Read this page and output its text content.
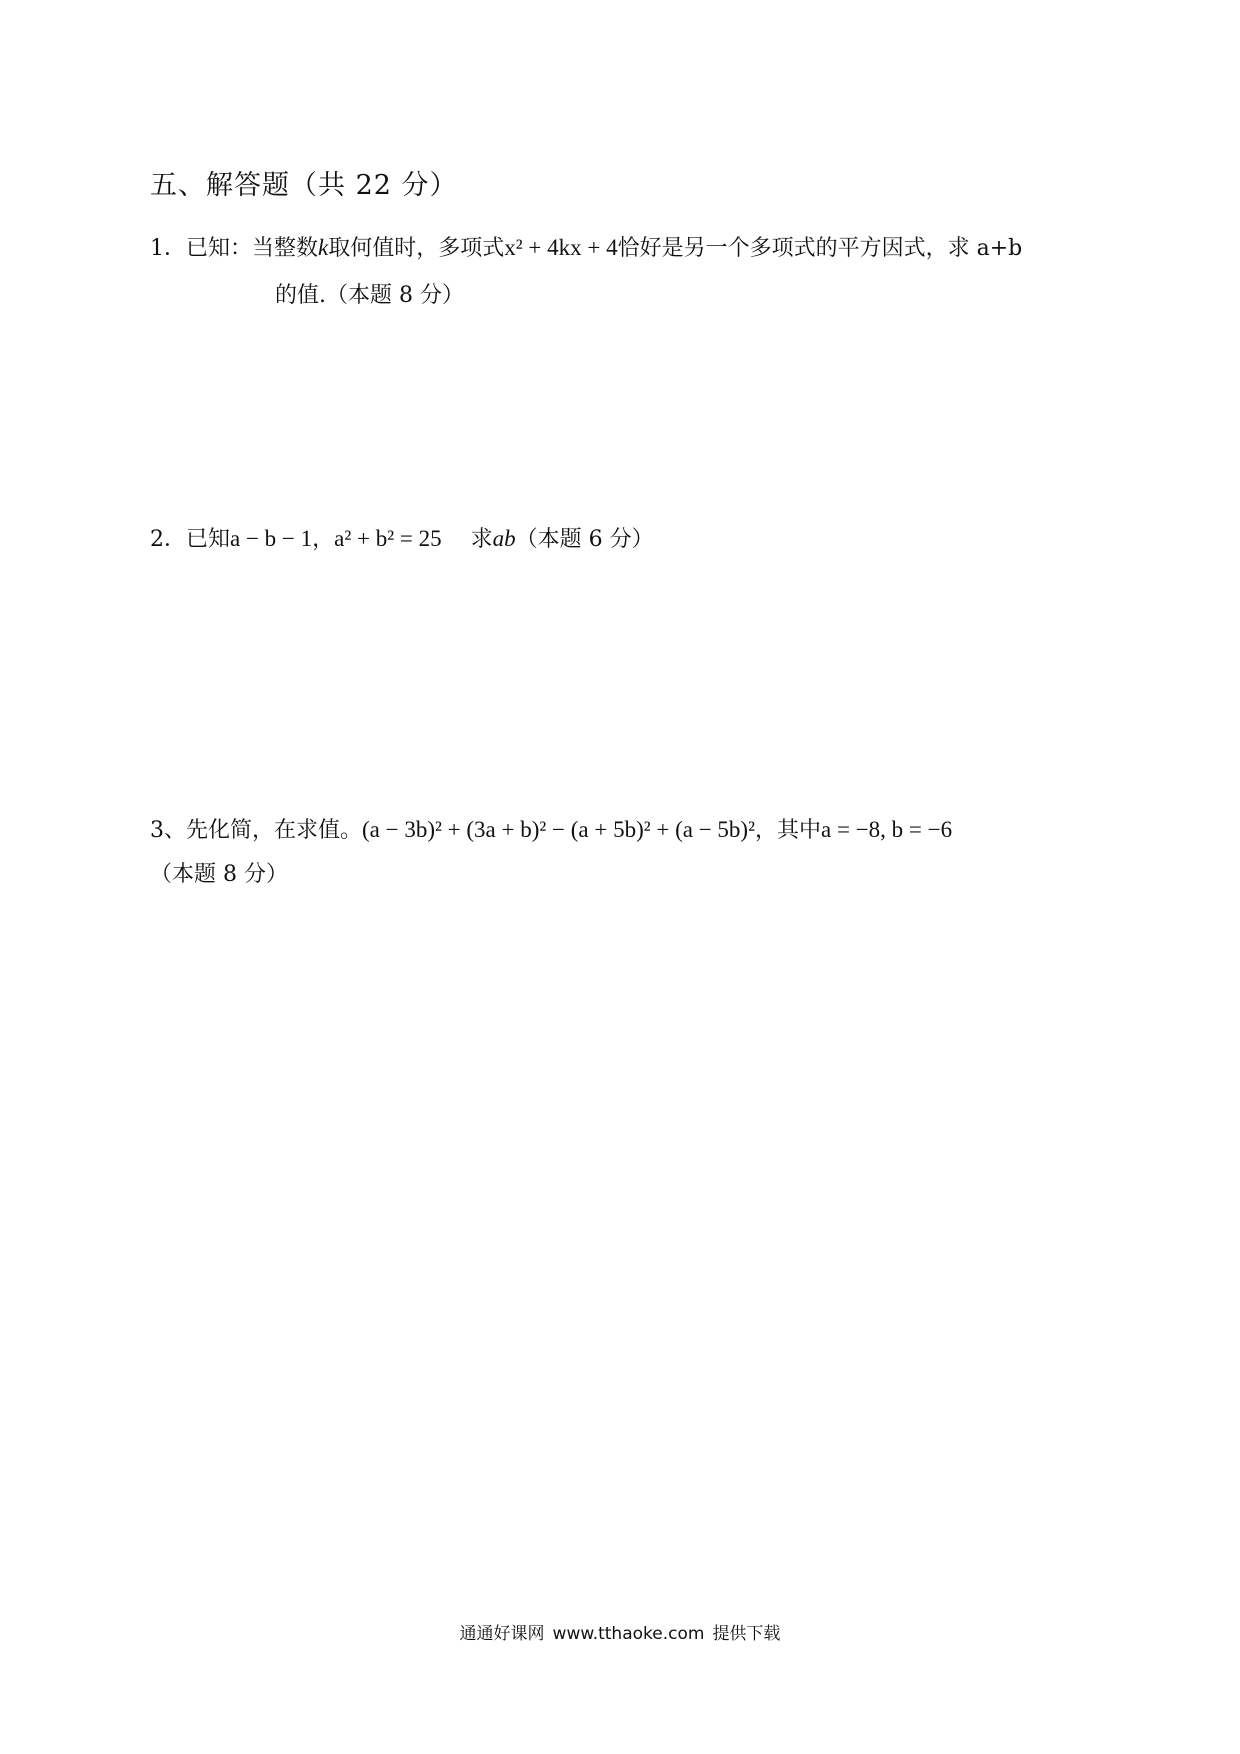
五、解答题（共 22 分）
1．已知：当整数k取何值时，多项式x² + 4kx + 4恰好是另一个多项式的平方因式，求 a+b
的值.（本题 8 分）
2．已知a − b − 1，a² + b² = 25 求ab（本题 6 分）
3、先化简，在求值。(a − 3b)² + (3a + b)² − (a + 5b)² + (a − 5b)²，其中a = −8, b = −6
（本题 8 分）
通通好课网 www.tthaoke.com 提供下载
